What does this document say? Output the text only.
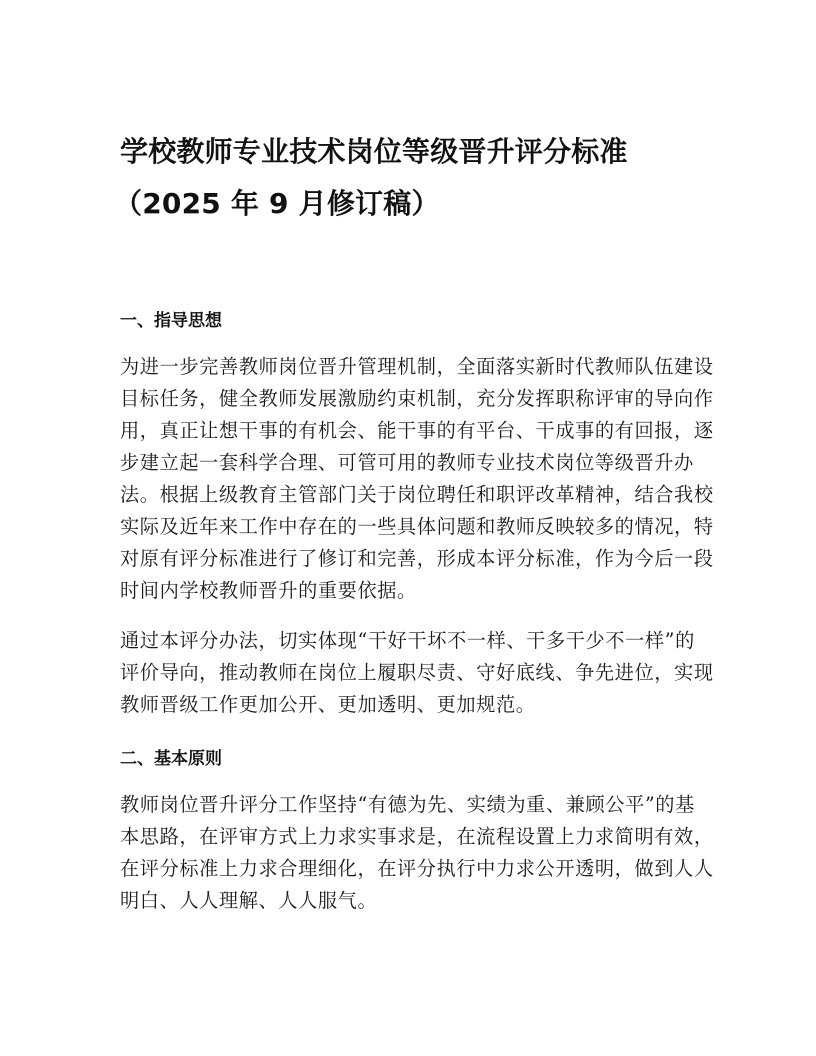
学校教师专业技术岗位等级晋升评分标准
（2025 年 9 月修订稿）
一、指导思想

为进一步完善教师岗位晋升管理机制，全面落实新时代教师队伍建设
目标任务，健全教师发展激励约束机制，充分发挥职称评审的导向作
用，真正让想干事的有机会、能干事的有平台、干成事的有回报，逐
步建立起一套科学合理、可管可用的教师专业技术岗位等级晋升办
法。根据上级教育主管部门关于岗位聘任和职评改革精神，结合我校
实际及近年来工作中存在的一些具体问题和教师反映较多的情况，特
对原有评分标准进行了修订和完善，形成本评分标准，作为今后一段
时间内学校教师晋升的重要依据。

通过本评分办法，切实体现“干好干坏不一样、干多干少不一样”的
评价导向，推动教师在岗位上履职尽责、守好底线、争先进位，实现
教师晋级工作更加公开、更加透明、更加规范。

二、基本原则

教师岗位晋升评分工作坚持“有德为先、实绩为重、兼顾公平”的基
本思路，在评审方式上力求实事求是，在流程设置上力求简明有效，
在评分标准上力求合理细化，在评分执行中力求公开透明，做到人人
明白、人人理解、人人服气。
